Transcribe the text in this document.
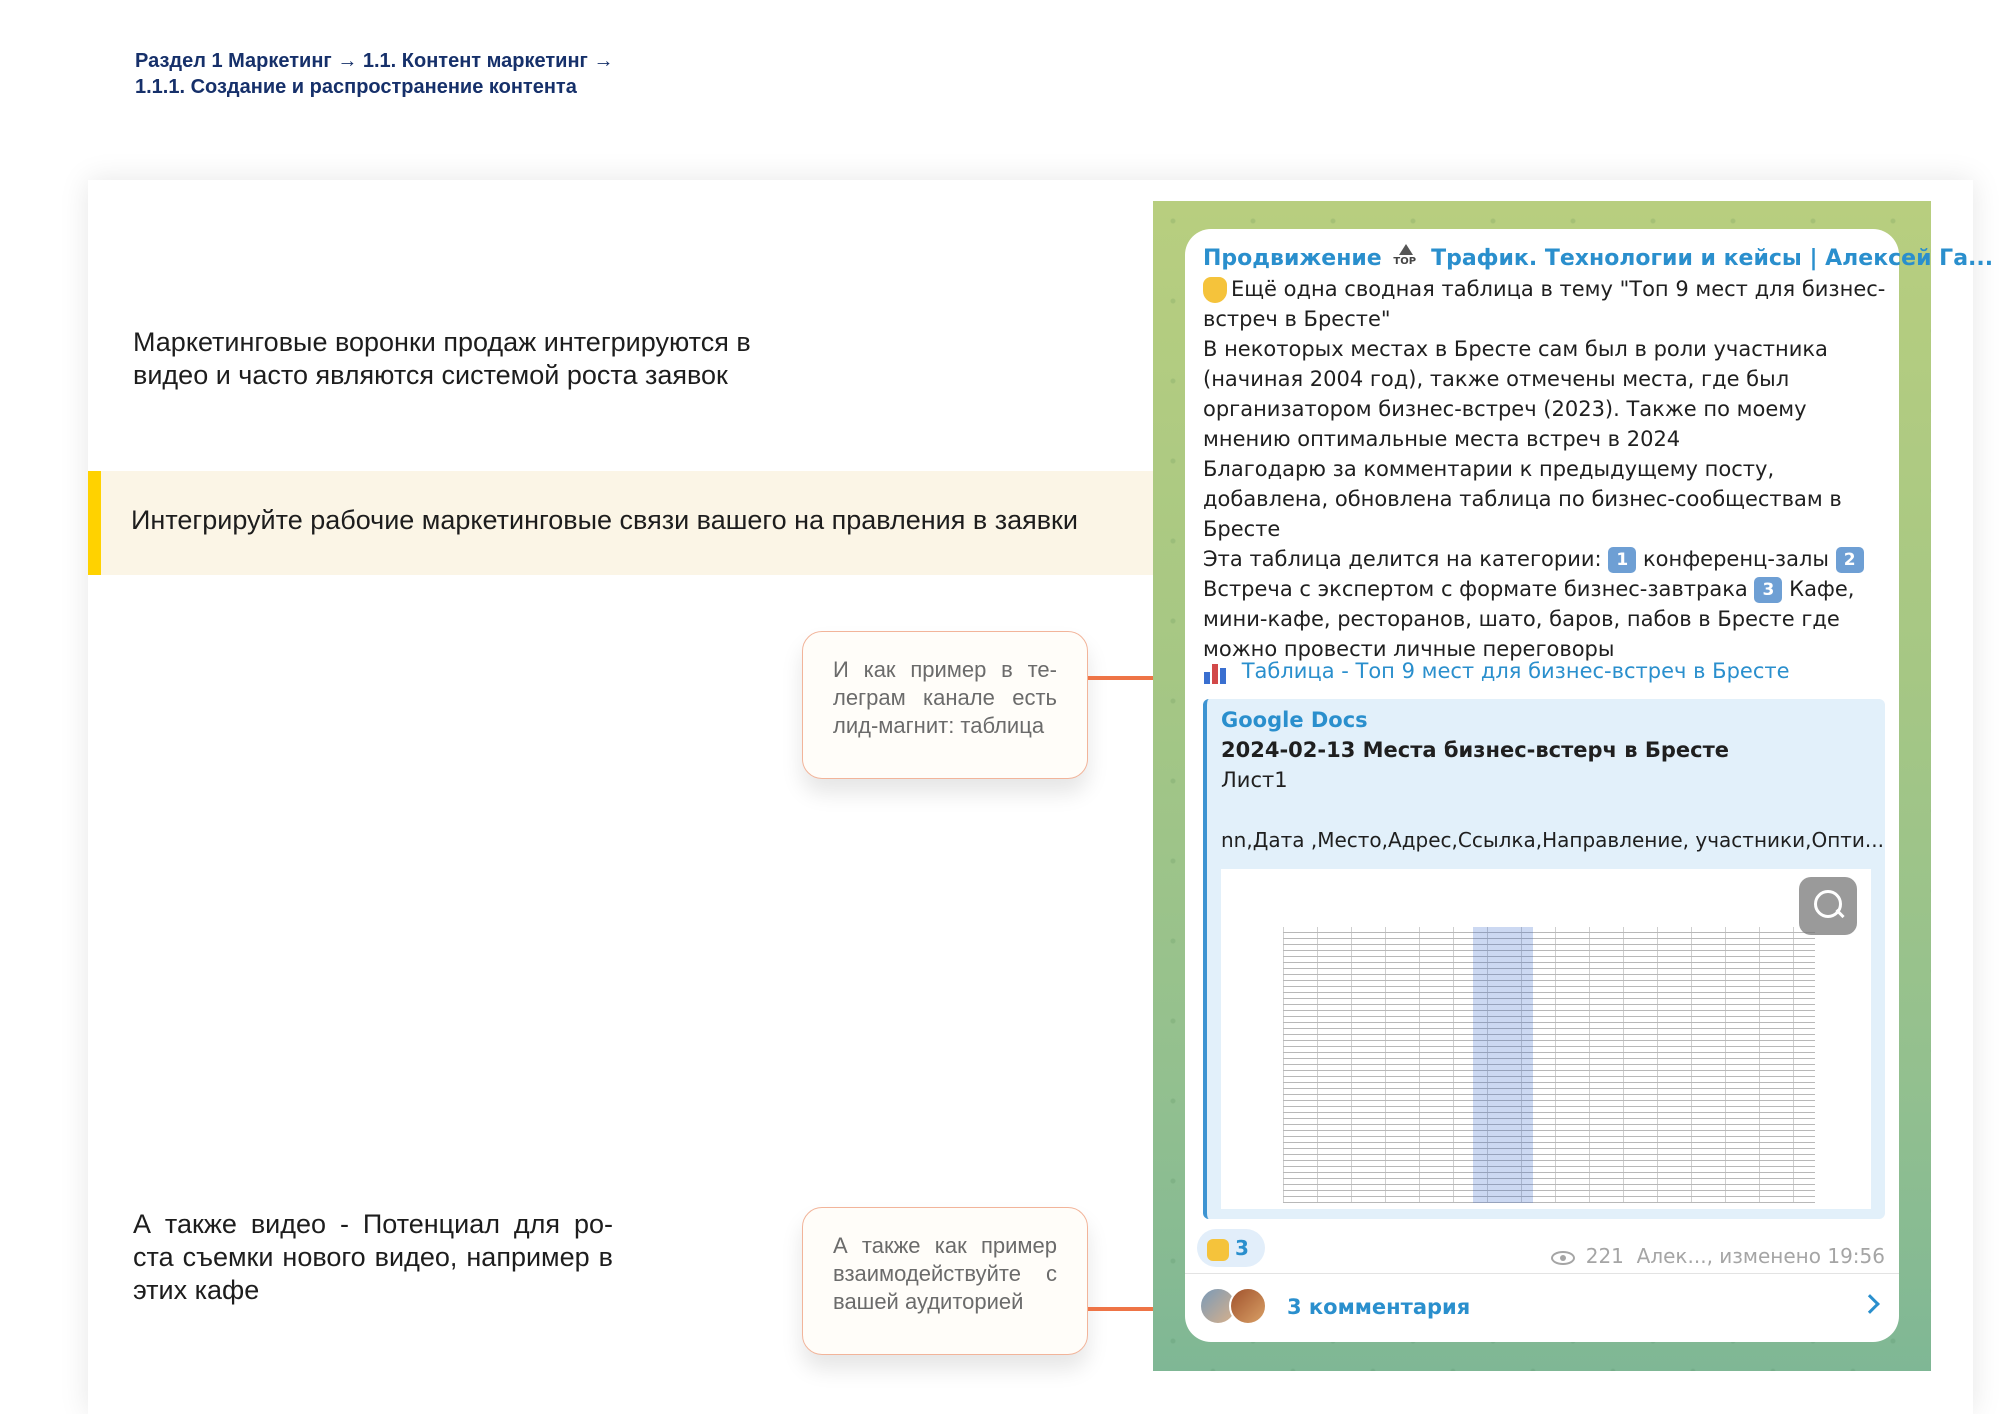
Раздел 1 Маркетинг → 1.1. Контент маркетинг →
1.1.1. Создание и распространение контента
Маркетинговые воронки продаж интегрируются в видео и часто являются системой роста заявок
Интегрируйте рабочие маркетинговые связи вашего на правления в заявки
А также видео - Потенциал для ро- ста съемки нового видео, например в этих кафе
И как пример в те- леграм канале есть лид-магнит: таблица
А также как пример взаимодействуйте с вашей аудиторией
Продвижение TOP Трафик. Технологии и кейсы | Алексей Га...

Ещё одна сводная таблица в тему "Топ 9 мест для бизнес-встреч в Бресте"

В некоторых местах в Бресте сам был в роли участника (начиная 2004 год), также отмечены места, где был организатором бизнес-встреч (2023). Также по моему мнению оптимальные места встреч в 2024

Благодарю за комментарии к предыдущему посту, добавлена, обновлена таблица по бизнес-сообществам в Бресте

Эта таблица делится на категории: 1 конференц-залы 2 Встреча с экспертом с формате бизнес-завтрака 3 Кафе, мини-кафе, ресторанов, шато, баров, пабов в Бресте где можно провести личные переговоры

Таблица - Топ 9 мест для бизнес-встреч в Бресте
Google Docs
2024-02-13 Места бизнес-встерч в Бресте
Лист1
nn,Дата ,Место,Адрес,Ссылка,Направление, участники,Опти...
3	221 Алек..., изменено 19:56
3 комментария
